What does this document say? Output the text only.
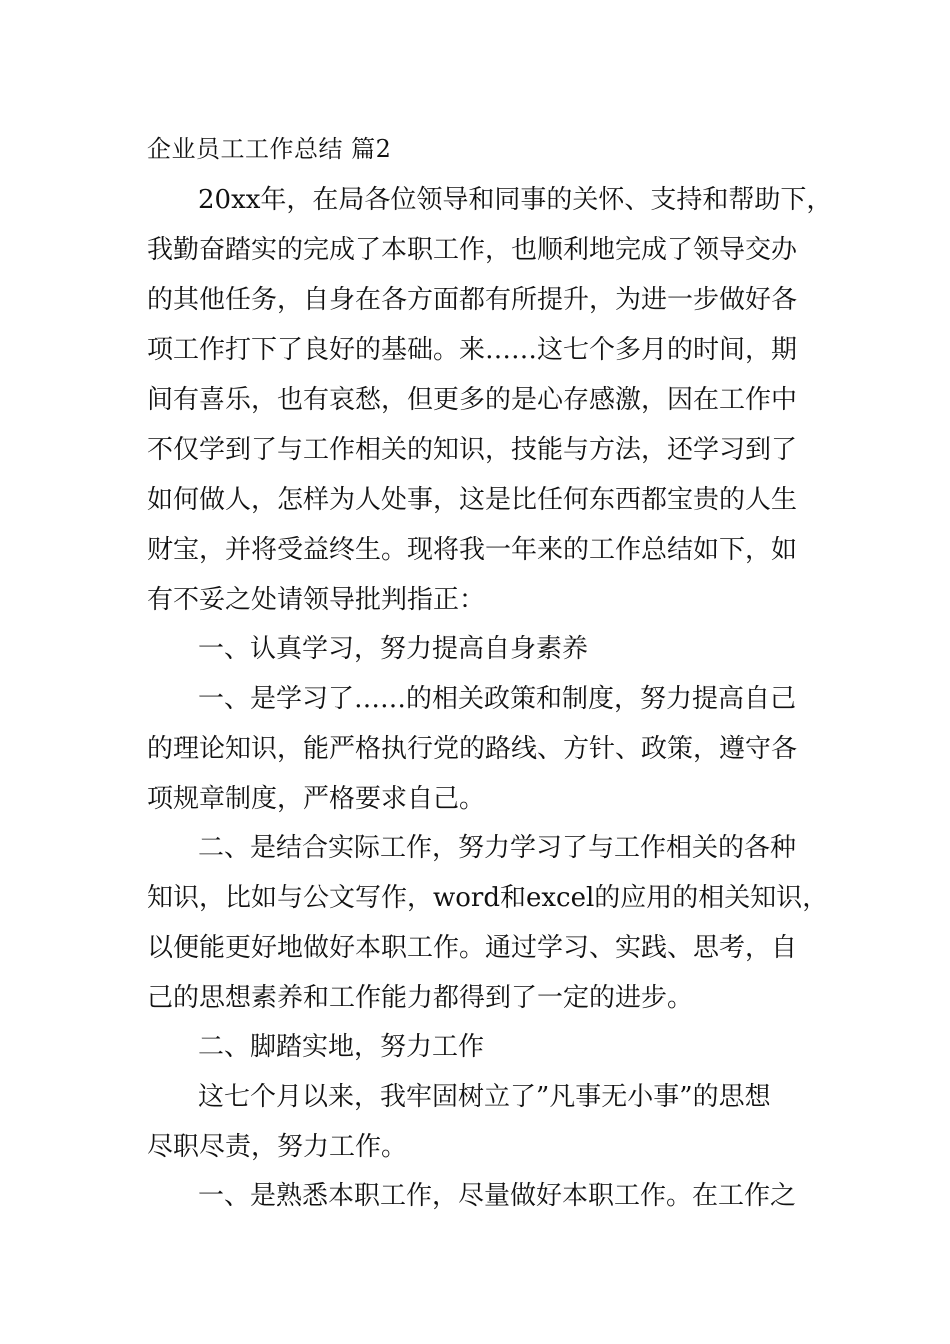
企业员工工作总结 篇2
20xx年，在局各位领导和同事的关怀、支持和帮助下，
我勤奋踏实的完成了本职工作，也顺利地完成了领导交办
的其他任务，自身在各方面都有所提升，为进一步做好各
项工作打下了良好的基础。来……这七个多月的时间，期
间有喜乐，也有哀愁，但更多的是心存感激，因在工作中
不仅学到了与工作相关的知识，技能与方法，还学习到了
如何做人，怎样为人处事，这是比任何东西都宝贵的人生
财宝，并将受益终生。现将我一年来的工作总结如下，如
有不妥之处请领导批判指正：
一、认真学习，努力提高自身素养
一、是学习了……的相关政策和制度，努力提高自己
的理论知识，能严格执行党的路线、方针、政策，遵守各
项规章制度，严格要求自己。
二、是结合实际工作，努力学习了与工作相关的各种
知识，比如与公文写作，word和excel的应用的相关知识，
以便能更好地做好本职工作。通过学习、实践、思考，自
己的思想素养和工作能力都得到了一定的进步。
二、脚踏实地，努力工作
这七个月以来，我牢固树立了”凡事无小事”的思想
尽职尽责，努力工作。
一、是熟悉本职工作，尽量做好本职工作。在工作之
